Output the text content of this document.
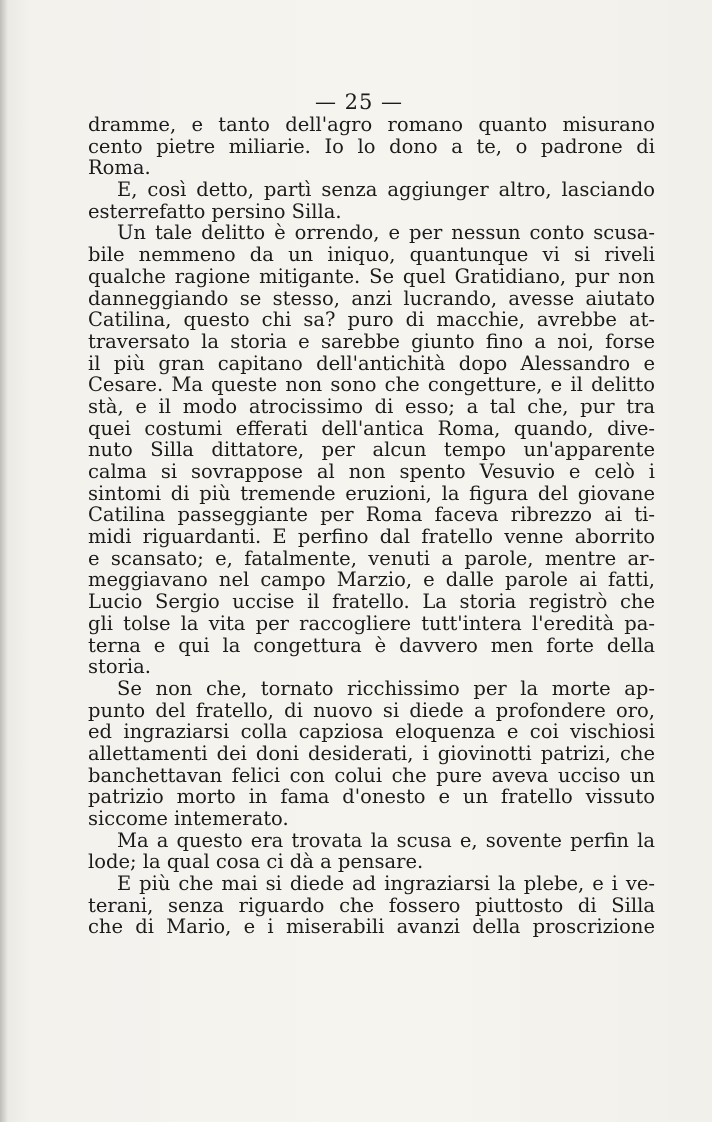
— 25 —
dramme, e tanto dell'agro romano quanto misurano
cento pietre miliarie. Io lo dono a te, o padrone di
Roma.
E, così detto, partì senza aggiunger altro, lasciando
esterrefatto persino Silla.
Un tale delitto è orrendo, e per nessun conto scusa-
bile nemmeno da un iniquo, quantunque vi si riveli
qualche ragione mitigante. Se quel Gratidiano, pur non
danneggiando se stesso, anzi lucrando, avesse aiutato
Catilina, questo chi sa? puro di macchie, avrebbe at-
traversato la storia e sarebbe giunto fino a noi, forse
il più gran capitano dell'antichità dopo Alessandro e
Cesare. Ma queste non sono che congetture, e il delitto
stà, e il modo atrocissimo di esso; a tal che, pur tra
quei costumi efferati dell'antica Roma, quando, dive-
nuto Silla dittatore, per alcun tempo un'apparente
calma si sovrappose al non spento Vesuvio e celò i
sintomi di più tremende eruzioni, la figura del giovane
Catilina passeggiante per Roma faceva ribrezzo ai ti-
midi riguardanti. E perfino dal fratello venne aborrito
e scansato; e, fatalmente, venuti a parole, mentre ar-
meggiavano nel campo Marzio, e dalle parole ai fatti,
Lucio Sergio uccise il fratello. La storia registrò che
gli tolse la vita per raccogliere tutt'intera l'eredità pa-
terna e qui la congettura è davvero men forte della
storia.
Se non che, tornato ricchissimo per la morte ap-
punto del fratello, di nuovo si diede a profondere oro,
ed ingraziarsi colla capziosa eloquenza e coi vischiosi
allettamenti dei doni desiderati, i giovinotti patrizi, che
banchettavan felici con colui che pure aveva ucciso un
patrizio morto in fama d'onesto e un fratello vissuto
siccome intemerato.
Ma a questo era trovata la scusa e, sovente perfin la
lode; la qual cosa ci dà a pensare.
E più che mai si diede ad ingraziarsi la plebe, e i ve-
terani, senza riguardo che fossero piuttosto di Silla
che di Mario, e i miserabili avanzi della proscrizione
